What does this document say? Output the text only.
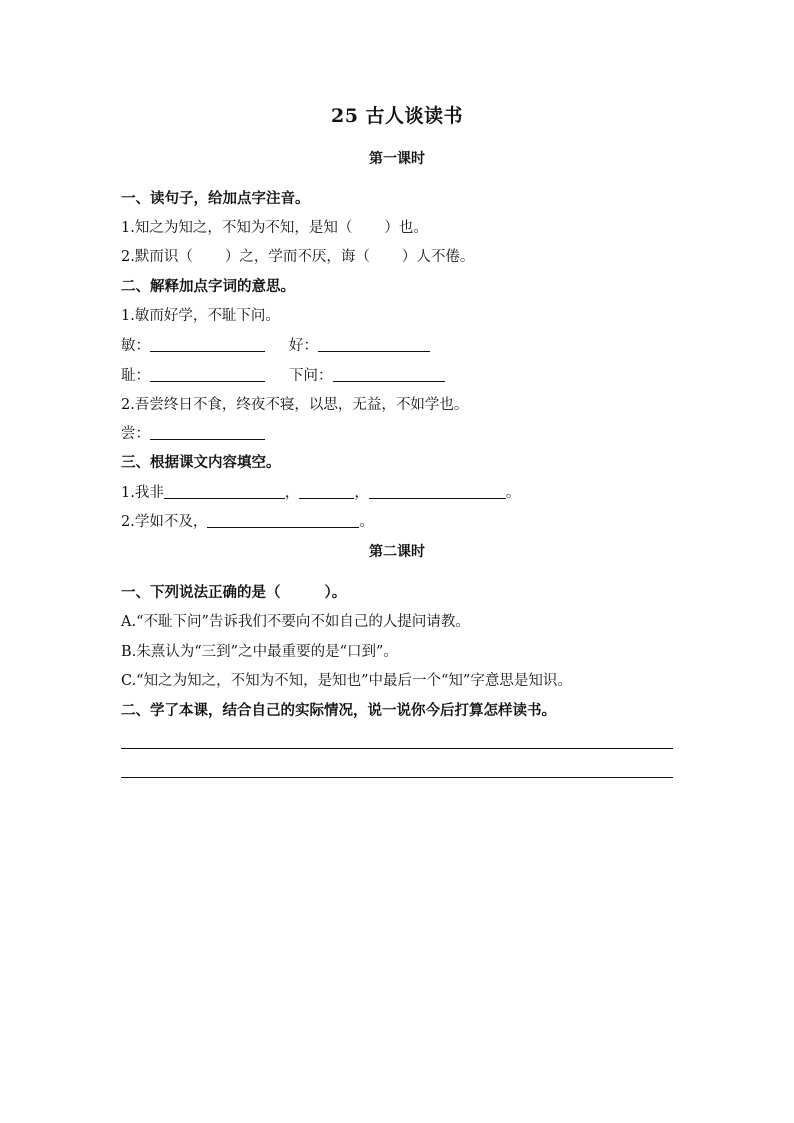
25 古人谈读书
第一课时
一、读句子，给加点字注音。
1.知之为知之，不知为不知，是知（ ）也。
2.默而识（ ）之，学而不厌，诲（ ）人不倦。
二、解释加点字词的意思。
1.敏而好学，不耻下问。
敏：	好：
耻：	下问：
2.吾尝终日不食，终夜不寝，以思，无益，不如学也。
尝：
三、根据课文内容填空。
1.我非	，	，	。
2.学如不及，	。
第二课时
一、下列说法正确的是（	）。
A.“不耻下问”告诉我们不要向不如自己的人提问请教。
B.朱熹认为“三到”之中最重要的是“口到”。
C.“知之为知之，不知为不知，是知也”中最后一个“知”字意思是知识。
二、学了本课，结合自己的实际情况，说一说你今后打算怎样读书。
